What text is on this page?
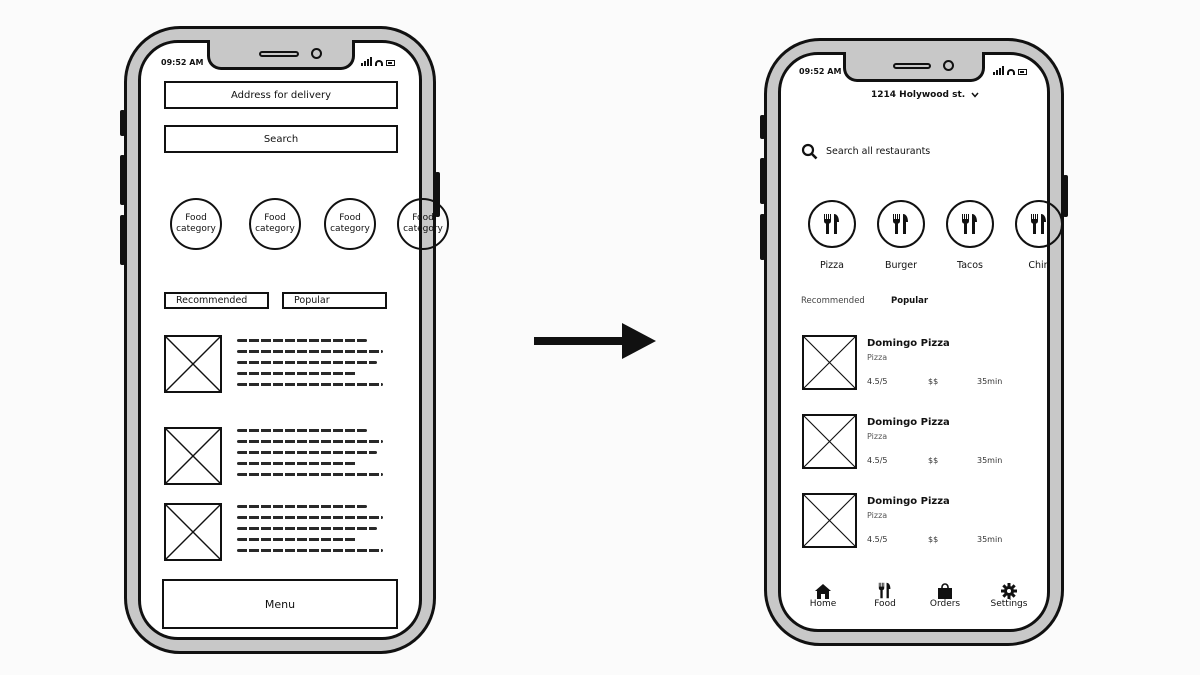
09:52 AM
Address for delivery
Search
Food
category
Food
category
Food
category
Food
category
Recommended	Popular
Menu
09:52 AM
1214 Holywood st.
Search all restaurants
Pizza	Burger	Tacos	Chin
Recommended	Popular
Domingo Pizza
Pizza
4.5/5	$$	35min
Domingo Pizza
Pizza
4.5/5	$$	35min
Domingo Pizza
Pizza
4.5/5	$$	35min
Home	Food	Orders	Settings
